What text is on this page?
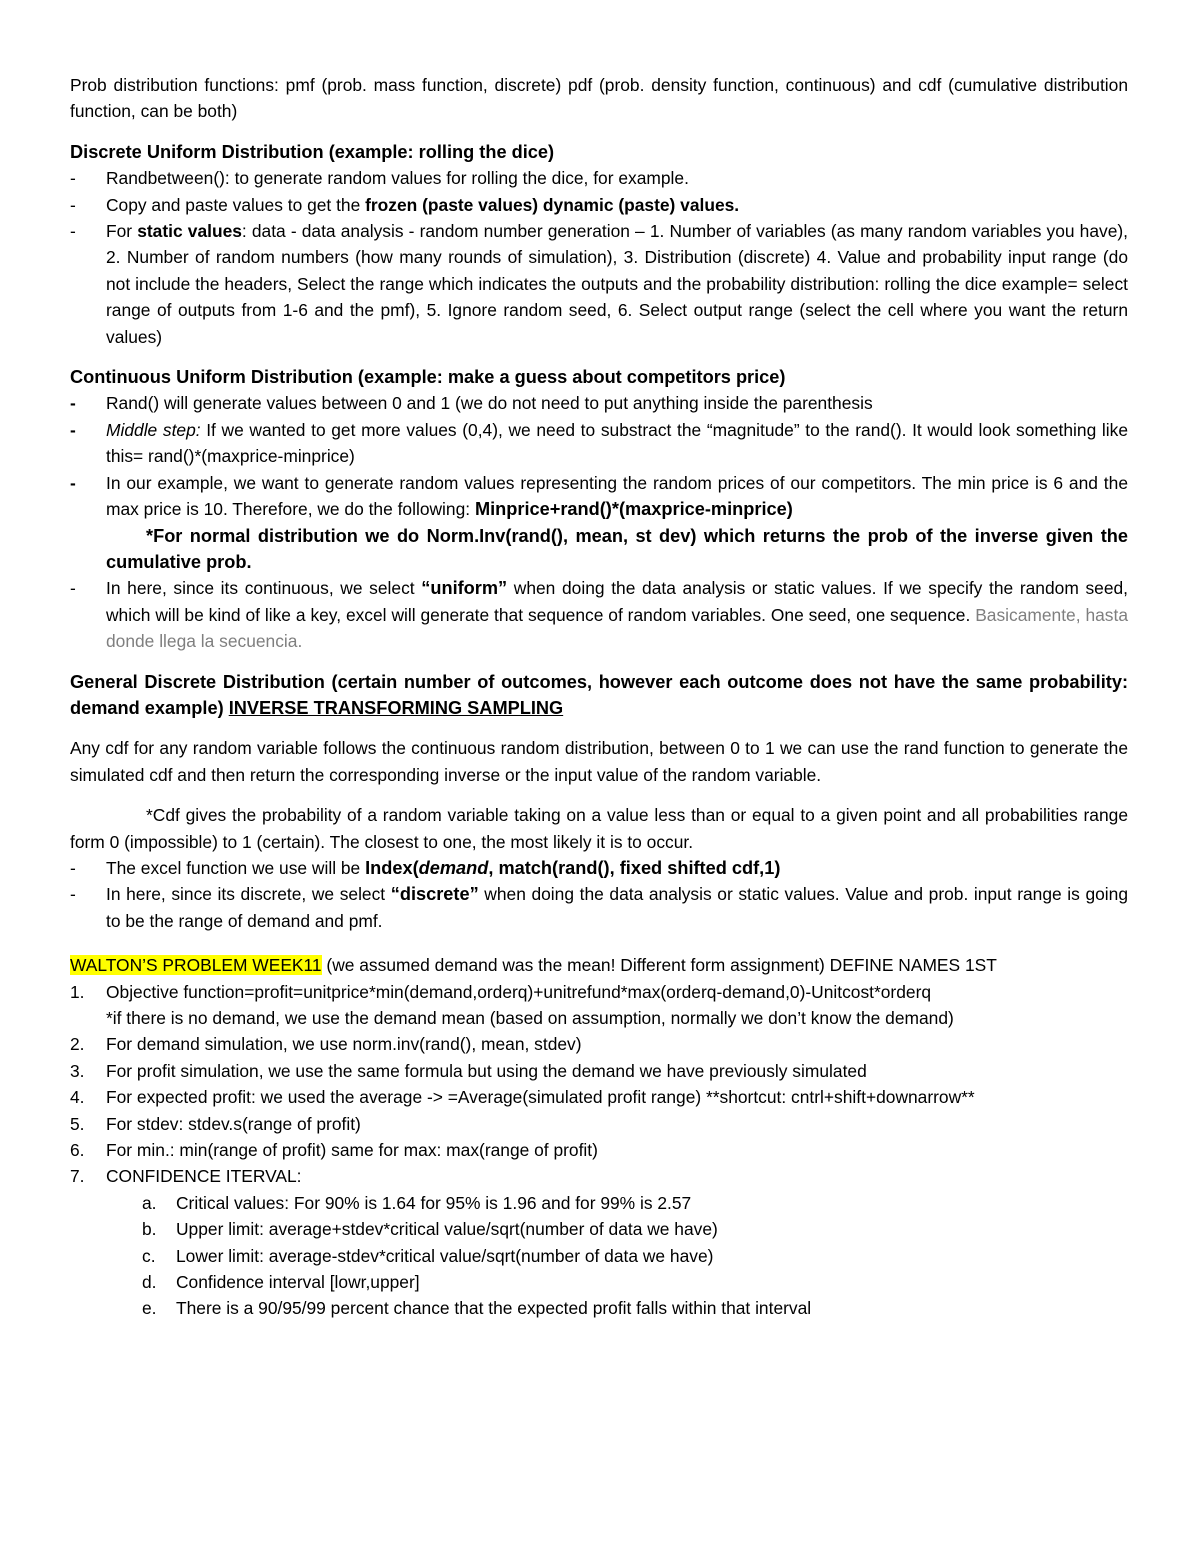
Prob distribution functions: pmf (prob. mass function, discrete) pdf (prob. density function, continuous) and cdf (cumulative distribution function, can be both)

Discrete Uniform Distribution (example: rolling the dice)

- Randbetween(): to generate random values for rolling the dice, for example.
- Copy and paste values to get the frozen (paste values) dynamic (paste) values.
- For static values: data - data analysis - random number generation – 1. Number of variables (as many random variables you have), 2. Number of random numbers (how many rounds of simulation), 3. Distribution (discrete) 4. Value and probability input range (do not include the headers, Select the range which indicates the outputs and the probability distribution: rolling the dice example= select range of outputs from 1-6 and the pmf), 5. Ignore random seed, 6. Select output range (select the cell where you want the return values)

Continuous Uniform Distribution (example: make a guess about competitors price)

- Rand() will generate values between 0 and 1 (we do not need to put anything inside the parenthesis
- Middle step: If we wanted to get more values (0,4), we need to substract the “magnitude” to the rand(). It would look something like this= rand()*(maxprice-minprice)
- In our example, we want to generate random values representing the random prices of our competitors. The min price is 6 and the max price is 10. Therefore, we do the following: Minprice+rand()*(maxprice-minprice)
*For normal distribution we do Norm.Inv(rand(), mean, st dev) which returns the prob of the inverse given the cumulative prob.
- In here, since its continuous, we select “uniform” when doing the data analysis or static values. If we specify the random seed, which will be kind of like a key, excel will generate that sequence of random variables. One seed, one sequence. Basicamente, hasta donde llega la secuencia.

General Discrete Distribution (certain number of outcomes, however each outcome does not have the same probability: demand example) INVERSE TRANSFORMING SAMPLING

Any cdf for any random variable follows the continuous random distribution, between 0 to 1 we can use the rand function to generate the simulated cdf and then return the corresponding inverse or the input value of the random variable.

*Cdf gives the probability of a random variable taking on a value less than or equal to a given point and all probabilities range form 0 (impossible) to 1 (certain). The closest to one, the most likely it is to occur.

- The excel function we use will be Index(demand, match(rand(), fixed shifted cdf,1)
- In here, since its discrete, we select “discrete” when doing the data analysis or static values. Value and prob. input range is going to be the range of demand and pmf.

WALTON’S PROBLEM WEEK11 (we assumed demand was the mean! Different form assignment) DEFINE NAMES 1ST

1. Objective function=profit=unitprice*min(demand,orderq)+unitrefund*max(orderq-demand,0)-Unitcost*orderq
*if there is no demand, we use the demand mean (based on assumption, normally we don’t know the demand)
2. For demand simulation, we use norm.inv(rand(), mean, stdev)
3. For profit simulation, we use the same formula but using the demand we have previously simulated
4. For expected profit: we used the average -> =Average(simulated profit range) **shortcut: cntrl+shift+downarrow**
5. For stdev: stdev.s(range of profit)
6. For min.: min(range of profit) same for max: max(range of profit)
7. CONFIDENCE ITERVAL:
a. Critical values: For 90% is 1.64 for 95% is 1.96 and for 99% is 2.57
b. Upper limit: average+stdev*critical value/sqrt(number of data we have)
c. Lower limit: average-stdev*critical value/sqrt(number of data we have)
d. Confidence interval [lowr,upper]
e. There is a 90/95/99 percent chance that the expected profit falls within that interval
